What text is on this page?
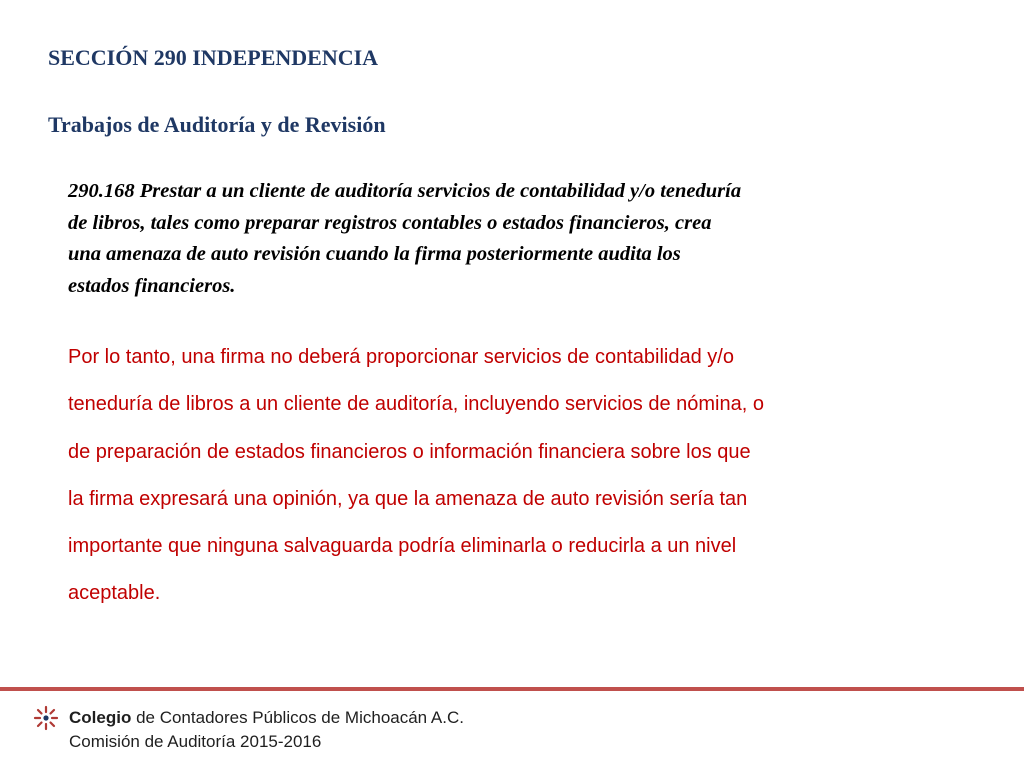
SECCIÓN 290 INDEPENDENCIA
Trabajos de Auditoría y de Revisión

290.168 Prestar a un cliente de auditoría servicios de contabilidad y/o teneduría
de libros, tales como preparar registros contables o estados financieros, crea
una amenaza de auto revisión cuando la firma posteriormente audita los
estados financieros.

Por lo tanto, una firma no deberá proporcionar servicios de contabilidad y/o
teneduría de libros a un cliente de auditoría, incluyendo servicios de nómina, o
de preparación de estados financieros o información financiera sobre los que
la firma expresará una opinión, ya que la amenaza de auto revisión sería tan
importante que ninguna salvaguarda podría eliminarla o reducirla a un nivel
aceptable.

Colegio de Contadores Públicos de Michoacán A.C.
Comisión de Auditoría 2015-2016
